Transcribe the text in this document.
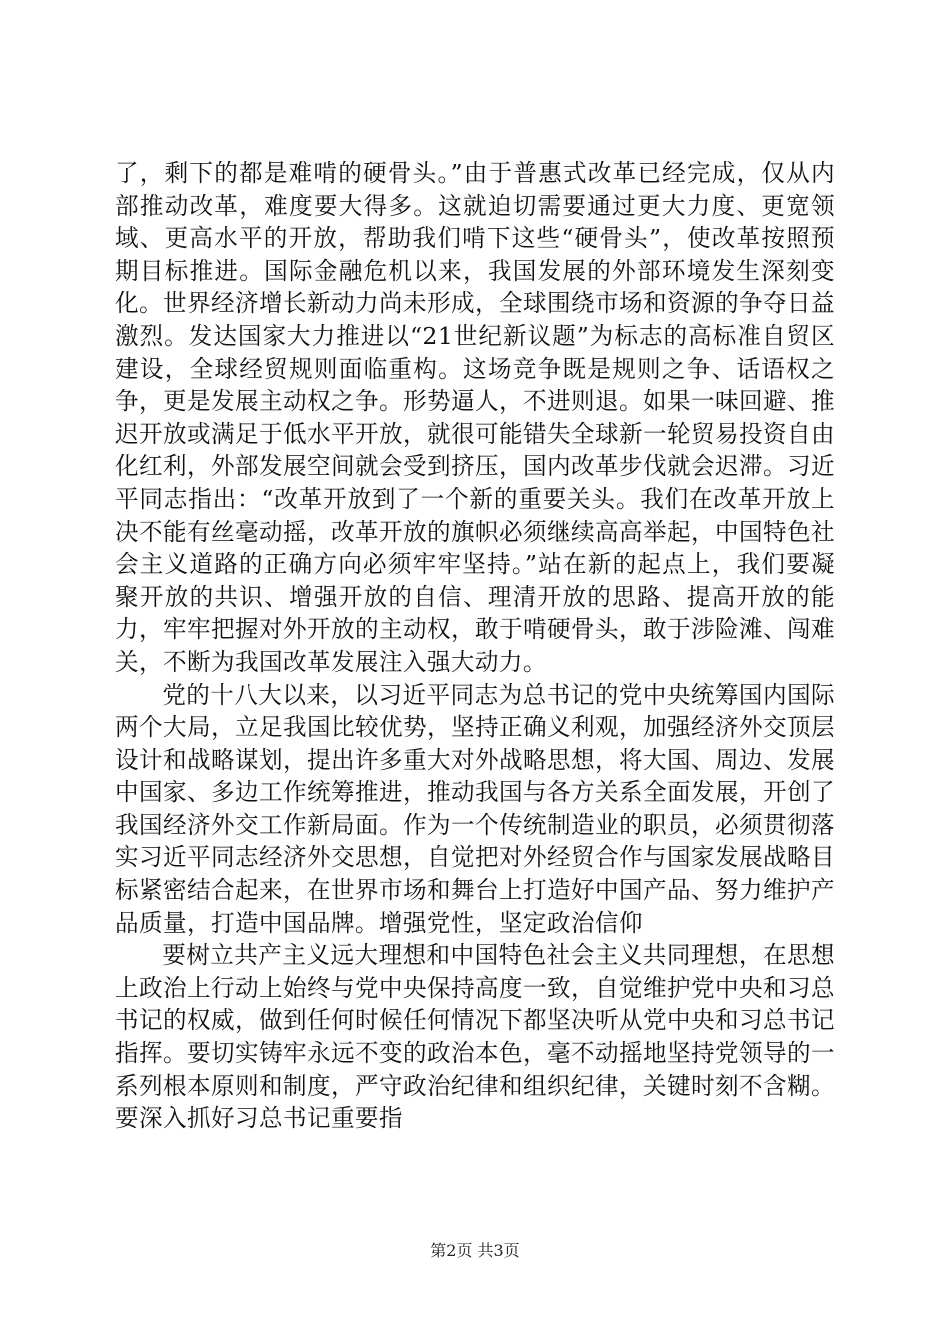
了，剩下的都是难啃的硬骨头。”由于普惠式改革已经完成，仅从内部推动改革，难度要大得多。这就迫切需要通过更大力度、更宽领域、更高水平的开放，帮助我们啃下这些“硬骨头”，使改革按照预期目标推进。国际金融危机以来，我国发展的外部环境发生深刻变化。世界经济增长新动力尚未形成，全球围绕市场和资源的争夺日益激烈。发达国家大力推进以“21世纪新议题”为标志的高标准自贸区建设，全球经贸规则面临重构。这场竞争既是规则之争、话语权之争，更是发展主动权之争。形势逼人，不进则退。如果一味回避、推迟开放或满足于低水平开放，就很可能错失全球新一轮贸易投资自由化红利，外部发展空间就会受到挤压，国内改革步伐就会迟滞。习近平同志指出：“改革开放到了一个新的重要关头。我们在改革开放上决不能有丝毫动摇，改革开放的旗帜必须继续高高举起，中国特色社会主义道路的正确方向必须牢牢坚持。”站在新的起点上，我们要凝聚开放的共识、增强开放的自信、理清开放的思路、提高开放的能力，牢牢把握对外开放的主动权，敢于啃硬骨头，敢于涉险滩、闯难关，不断为我国改革发展注入强大动力。

党的十八大以来，以习近平同志为总书记的党中央统筹国内国际两个大局，立足我国比较优势，坚持正确义利观，加强经济外交顶层设计和战略谋划，提出许多重大对外战略思想，将大国、周边、发展中国家、多边工作统筹推进，推动我国与各方关系全面发展，开创了我国经济外交工作新局面。作为一个传统制造业的职员，必须贯彻落实习近平同志经济外交思想，自觉把对外经贸合作与国家发展战略目标紧密结合起来，在世界市场和舞台上打造好中国产品、努力维护产品质量，打造中国品牌。增强党性，坚定政治信仰

要树立共产主义远大理想和中国特色社会主义共同理想，在思想上政治上行动上始终与党中央保持高度一致，自觉维护党中央和习总书记的权威，做到任何时候任何情况下都坚决听从党中央和习总书记指挥。要切实铸牢永远不变的政治本色，毫不动摇地坚持党领导的一系列根本原则和制度，严守政治纪律和组织纪律，关键时刻不含糊。要深入抓好习总书记重要指

第2页 共3页
